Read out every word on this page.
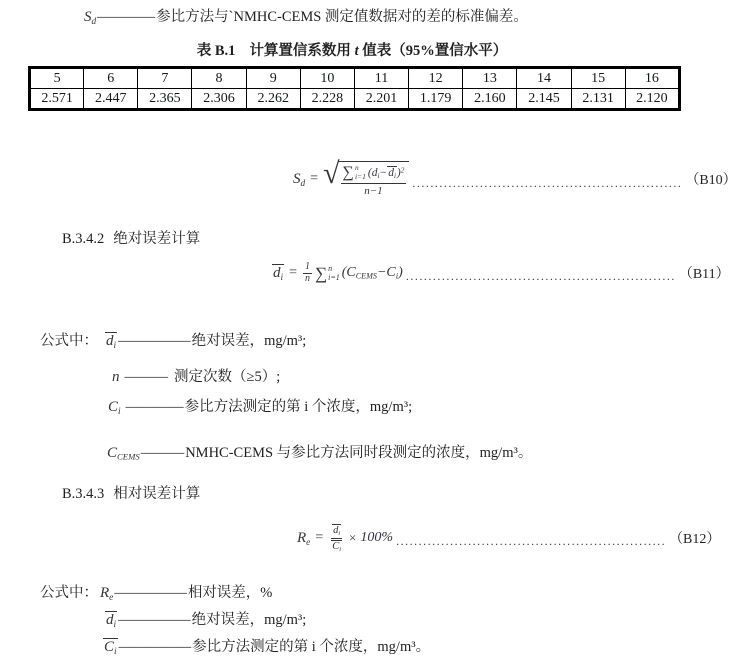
$S_d————$参比方法与`NMHC-CEMS 测定值数据对的差的标准偏差。
表 B.1 计算置信系数用 t 值表（95%置信水平）
5	6	7	8	9	10	11	12	13	14	15	16
2.571	2.447	2.365	2.306	2.262	2.228	2.201	1.179	2.160	2.145	2.131	2.120
$S_d$ = √ ∑ n
i=1 $(d_i-d_i)^2$
n−1 ............................................................ （B10）
B.3.4.2 绝对误差计算
$d_i = \frac{1}{n}$ ∑ n
i=1 $(C_{CEMS}-C_i)$ ............................................................ （B11）
公式中： $d_i$ ————— 绝对误差，mg/m³;
n ——— 测定次数（≥5）;
$C_i$ ———— 参比方法测定的第 i 个浓度，mg/m³;
$C_{CEMS}$ ——— NMHC-CEMS 与参比方法同时段测定的浓度，mg/m³。
B.3.4.3 相对误差计算
$R_e = \frac{d_i}{C_i} \times 100\%$ ............................................................ （B12）
公式中： $R_e$ ————— 相对误差，%
$d_i$ ————— 绝对误差，mg/m³;
$C_i$ ————— 参比方法测定的第 i 个浓度，mg/m³。
